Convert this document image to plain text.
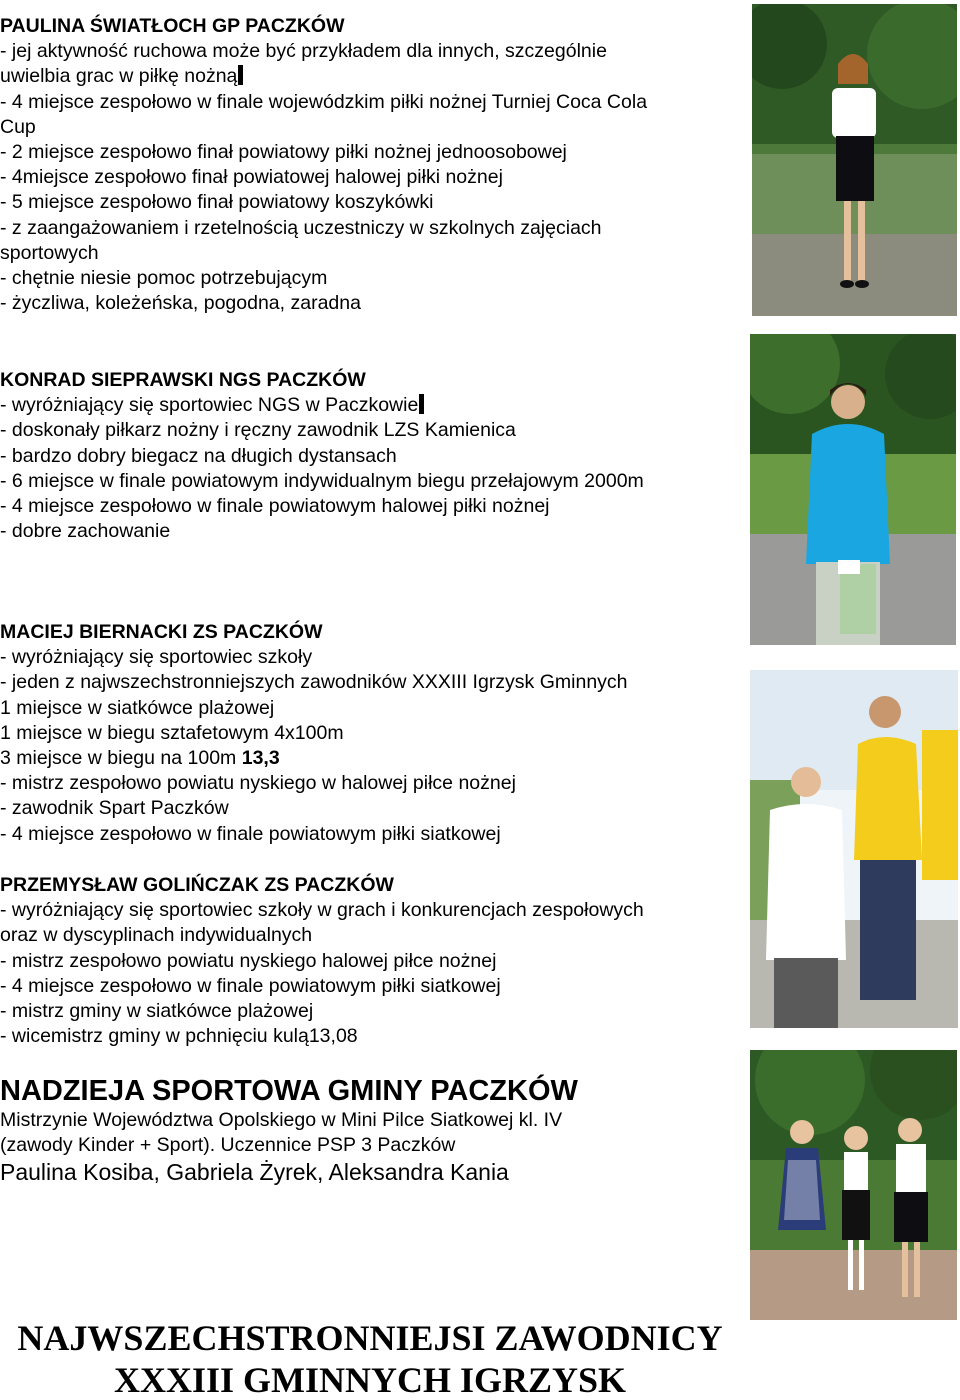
PAULINA ŚWIATŁOCH GP PACZKÓW
- jej aktywność ruchowa może być przykładem dla innych, szczególnie
uwielbia grac w piłkę nożną
- 4 miejsce zespołowo w finale wojewódzkim piłki nożnej Turniej Coca Cola
Cup
- 2 miejsce zespołowo finał powiatowy piłki nożnej jednoosobowej
- 4miejsce zespołowo finał powiatowej halowej piłki nożnej
- 5 miejsce zespołowo finał powiatowy koszykówki
- z zaangażowaniem i rzetelnością uczestniczy w szkolnych zajęciach
sportowych
- chętnie niesie pomoc potrzebującym
- życzliwa, koleżeńska, pogodna, zaradna
KONRAD SIEPRAWSKI NGS PACZKÓW
- wyróżniający się sportowiec NGS w Paczkowie
- doskonały piłkarz nożny i ręczny zawodnik LZS Kamienica
- bardzo dobry biegacz na długich dystansach
- 6 miejsce w finale powiatowym indywidualnym biegu przełajowym 2000m
- 4 miejsce zespołowo w finale powiatowym halowej piłki nożnej
- dobre zachowanie
MACIEJ BIERNACKI ZS PACZKÓW
- wyróżniający się sportowiec szkoły
- jeden z najwszechstronniejszych zawodników XXXIII Igrzysk Gminnych
1 miejsce w siatkówce plażowej
1 miejsce w biegu sztafetowym 4x100m
3 miejsce w biegu na 100m 13,3
- mistrz zespołowo powiatu nyskiego w halowej piłce nożnej
- zawodnik Spart Paczków
- 4 miejsce zespołowo w finale powiatowym piłki siatkowej
PRZEMYSŁAW GOLIŃCZAK ZS PACZKÓW
- wyróżniający się sportowiec szkoły w grach i konkurencjach zespołowych
oraz w dyscyplinach indywidualnych
- mistrz zespołowo powiatu nyskiego halowej piłce nożnej
- 4 miejsce zespołowo w finale powiatowym piłki siatkowej
- mistrz gminy w siatkówce plażowej
- wicemistrz gminy w pchnięciu kulą13,08
NADZIEJA SPORTOWA GMINY PACZKÓW
Mistrzynie Województwa Opolskiego w Mini Pilce Siatkowej kl. IV
(zawody Kinder + Sport). Uczennice PSP 3 Paczków
Paulina Kosiba, Gabriela Żyrek, Aleksandra Kania
NAJWSZECHSTRONNIEJSI ZAWODNICY
XXXIII GMINNYCH IGRZYSK
